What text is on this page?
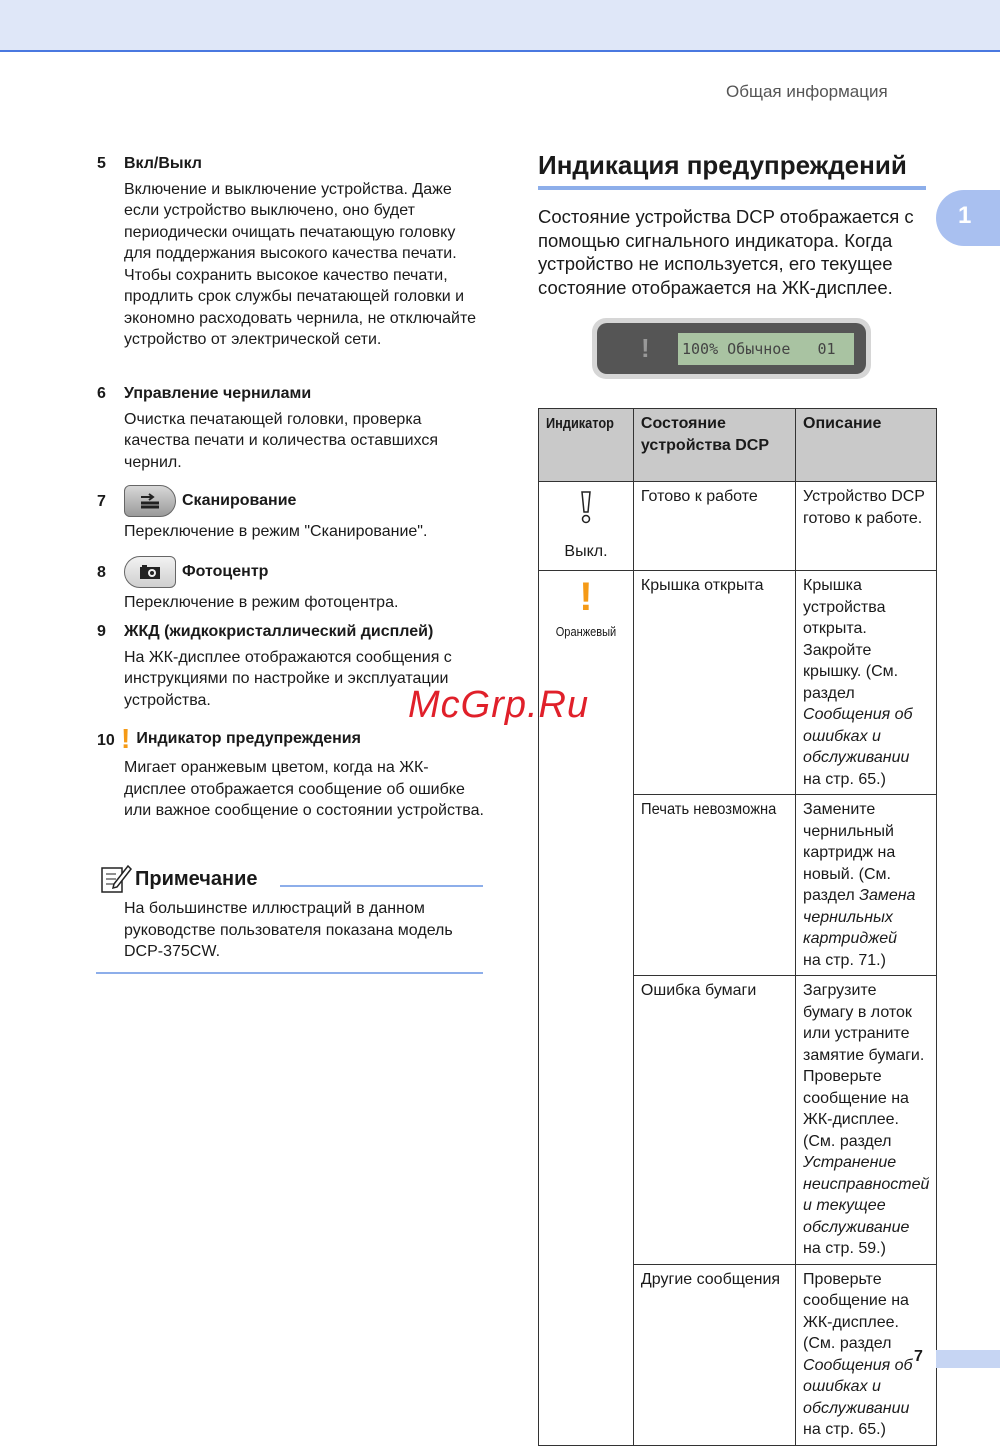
Общая информация
1
5 Вкл/Выкл
Включение и выключение устройства. Даже если устройство выключено, оно будет периодически очищать печатающую головку для поддержания высокого качества печати. Чтобы сохранить высокое качество печати, продлить срок службы печатающей головки и экономно расходовать чернила, не отключайте устройство от электрической сети.
6 Управление чернилами
Очистка печатающей головки, проверка качества печати и количества оставшихся чернил.
7	Сканирование
Переключение в режим "Сканирование".
8	Фотоцентр
Переключение в режим фотоцентра.
9 ЖКД (жидкокристаллический дисплей)
На ЖК-дисплее отображаются сообщения с инструкциями по настройке и эксплуатации устройства.
10 ! Индикатор предупреждения
Мигает оранжевым цветом, когда на ЖК-дисплее отображается сообщение об ошибке или важное сообщение о состоянии устройства.
Примечание
На большинстве иллюстраций в данном руководстве пользователя показана модель DCP-375CW.
Индикация предупреждений
Состояние устройства DCP отображается с помощью сигнального индикатора. Когда устройство не используется, его текущее состояние отображается на ЖК-дисплее.
! 100% Обычное   01
Индикатор	Состояние устройства DCP	Описание

Выкл.	Готово к работе	Устройство DCP готово к работе.
!
Оранжевый	Крышка открыта	Крышка устройства открыта. Закройте крышку. (См. раздел Сообщения об ошибках и обслуживании
на стр. 65.)

	Печать невозможна	Замените чернильный картридж на новый. (См. раздел Замена чернильных картриджей
на стр. 71.)

	Ошибка бумаги	Загрузите бумагу в лоток или устраните замятие бумаги. Проверьте сообщение на ЖК-дисплее. (См. раздел Устранение неисправностей и текущее обслуживание
на стр. 59.)

	Другие сообщения	Проверьте сообщение на ЖК-дисплее. (См. раздел Сообщения об ошибках и обслуживании
на стр. 65.)
McGrp.Ru
7
